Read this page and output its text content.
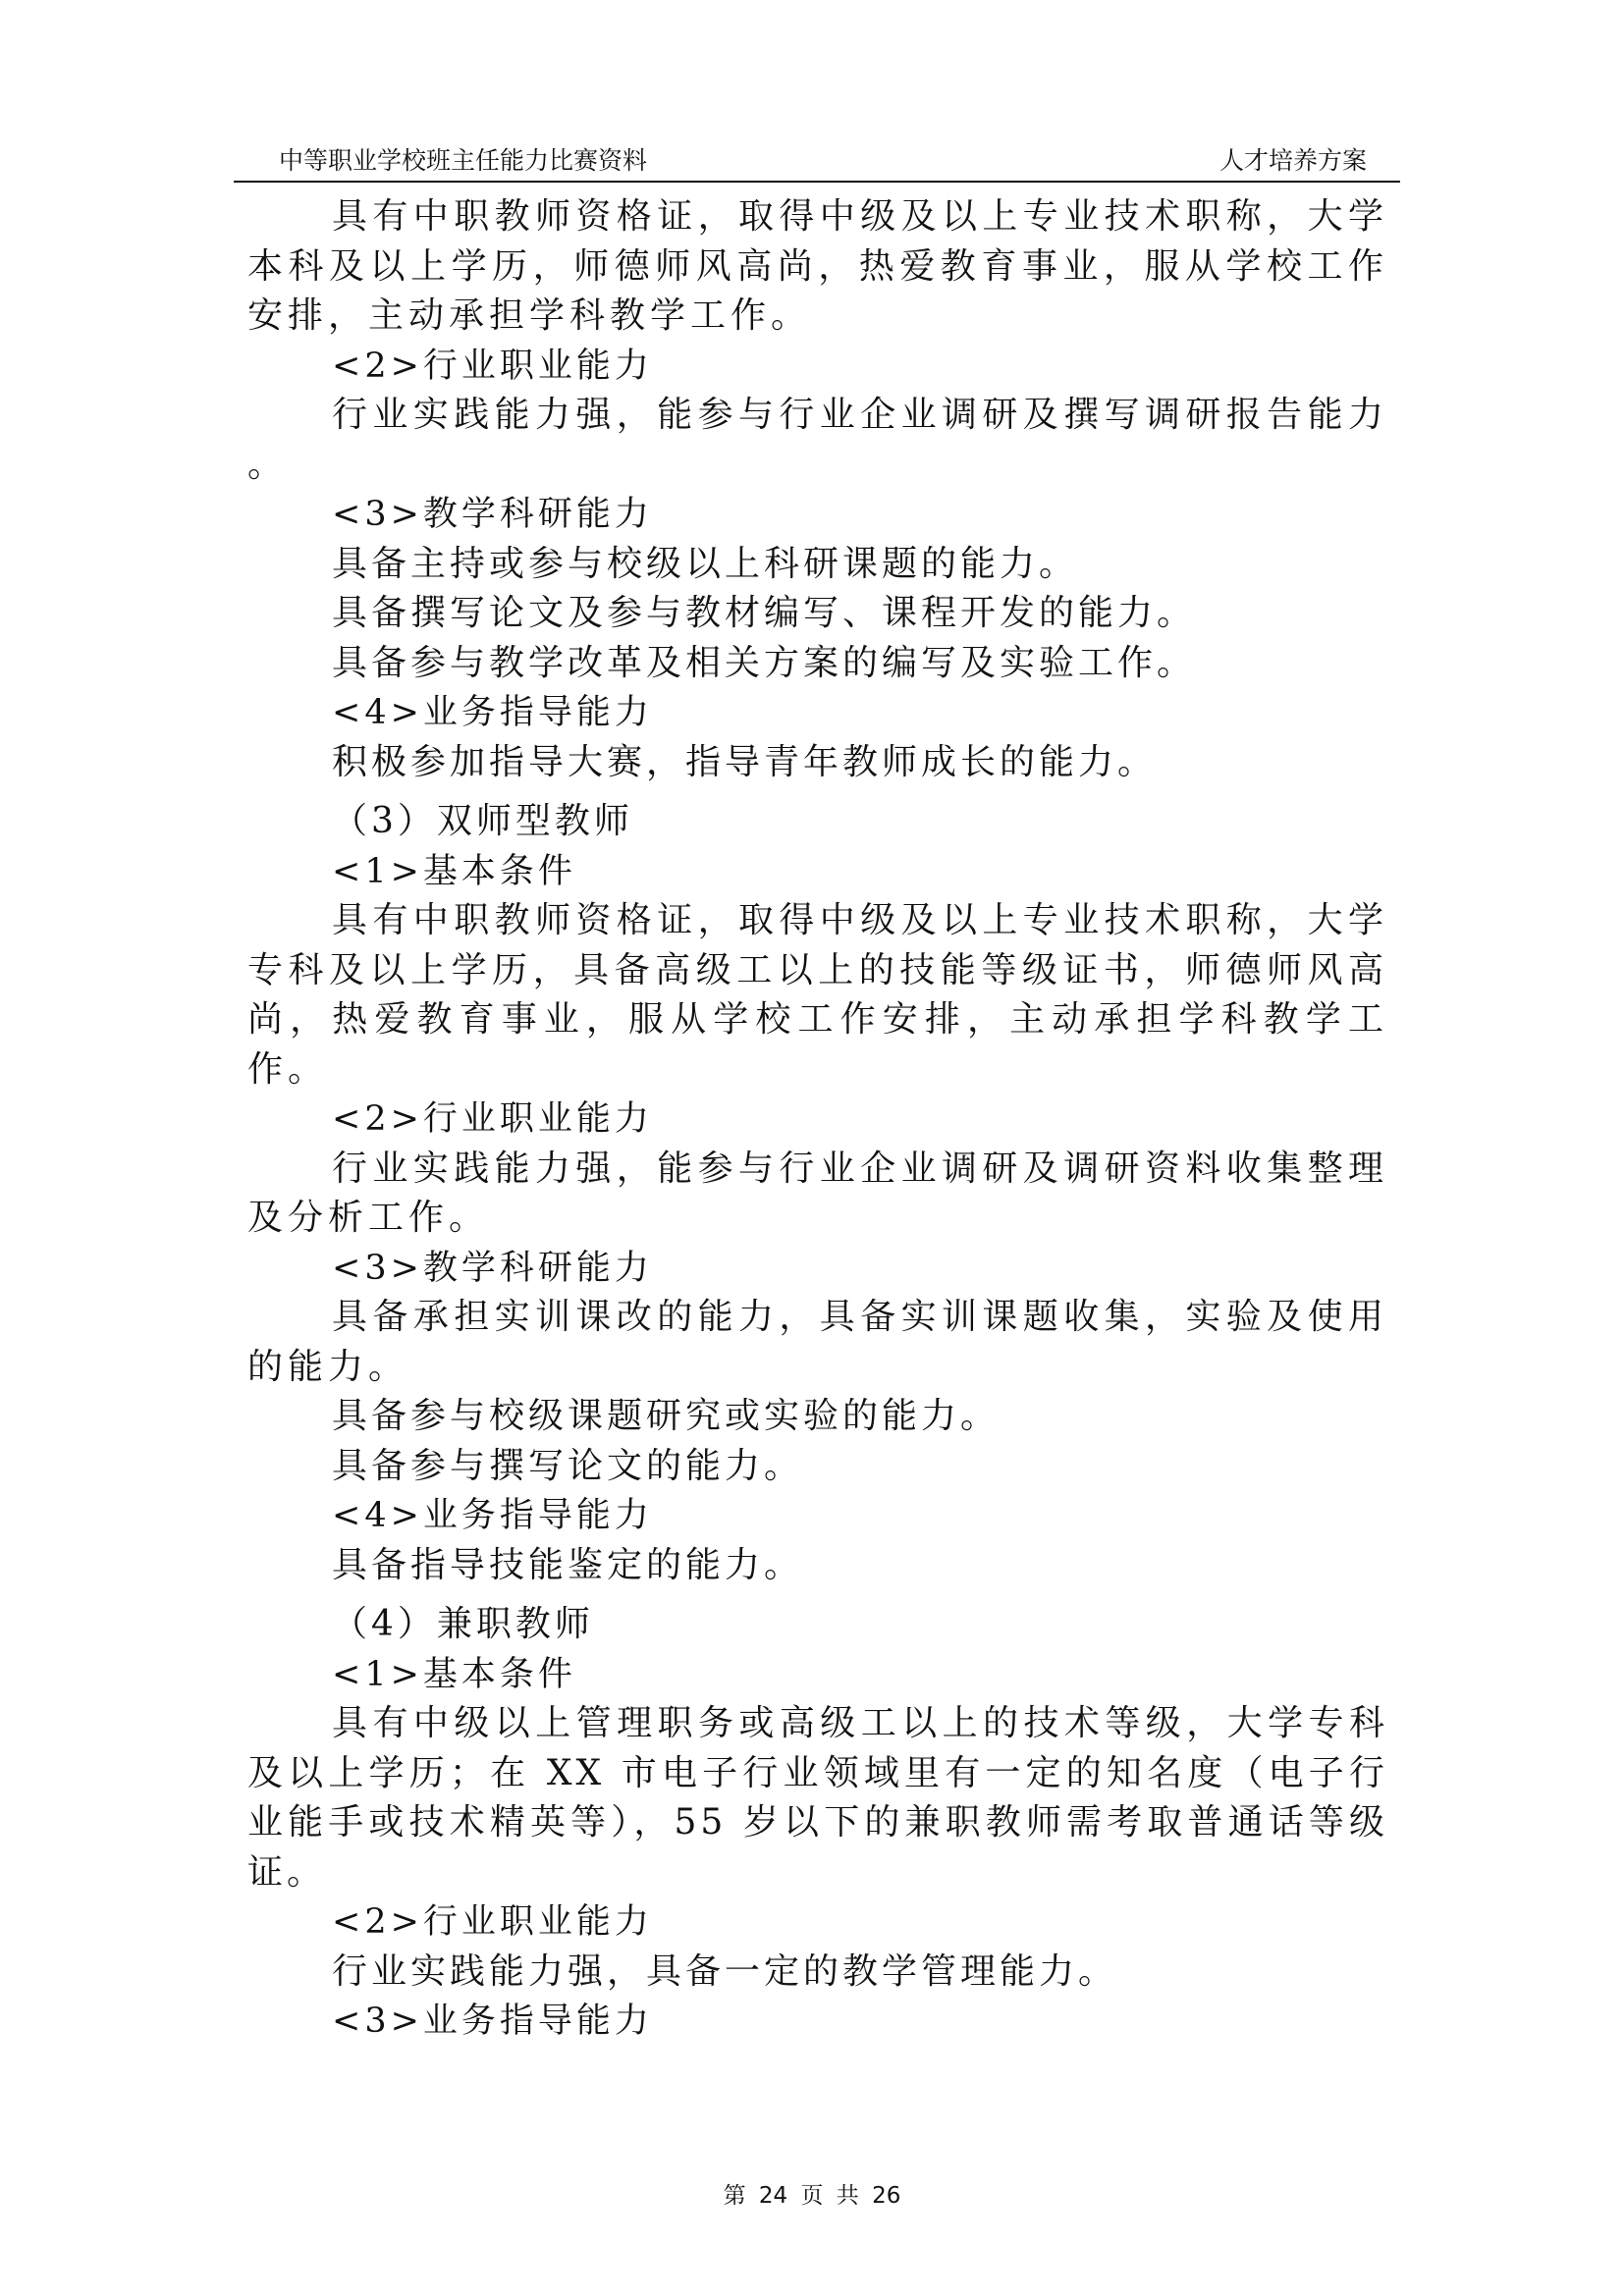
中等职业学校班主任能力比赛资料	人才培养方案

具有中职教师资格证，取得中级及以上专业技术职称，大学本科及以上学历，师德师风高尚，热爱教育事业，服从学校工作安排，主动承担学科教学工作。

<2>行业职业能力

行业实践能力强，能参与行业企业调研及撰写调研报告能力 。

<3>教学科研能力

具备主持或参与校级以上科研课题的能力。

具备撰写论文及参与教材编写、课程开发的能力。

具备参与教学改革及相关方案的编写及实验工作。

<4>业务指导能力

积极参加指导大赛，指导青年教师成长的能力。

（3）双师型教师

<1>基本条件

具有中职教师资格证，取得中级及以上专业技术职称，大学专科及以上学历，具备高级工以上的技能等级证书，师德师风高尚，热爱教育事业，服从学校工作安排，主动承担学科教学工作。

<2>行业职业能力

行业实践能力强，能参与行业企业调研及调研资料收集整理及分析工作。

<3>教学科研能力

具备承担实训课改的能力，具备实训课题收集，实验及使用的能力。

具备参与校级课题研究或实验的能力。

具备参与撰写论文的能力。

<4>业务指导能力

具备指导技能鉴定的能力。

（4）兼职教师

<1>基本条件

具有中级以上管理职务或高级工以上的技术等级，大学专科及以上学历；在 XX 市电子行业领域里有一定的知名度（电子行业能手或技术精英等），55 岁以下的兼职教师需考取普通话等级证。

<2>行业职业能力

行业实践能力强，具备一定的教学管理能力。

<3>业务指导能力

第 24 页 共 26
